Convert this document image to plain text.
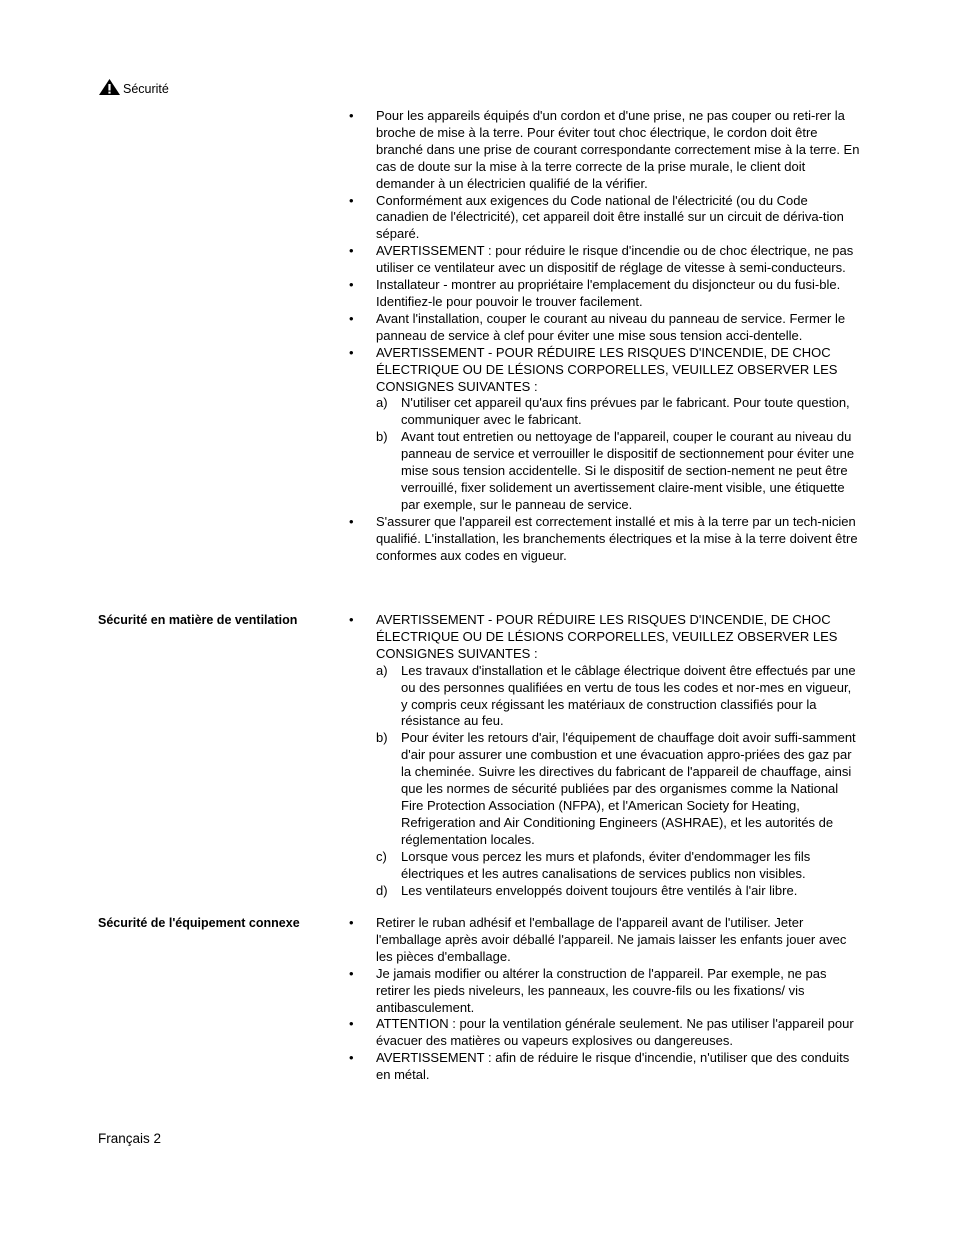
Sécurité
• Pour les appareils équipés d'un cordon et d'une prise, ne pas couper ou reti-rer la broche de mise à la terre. Pour éviter tout choc électrique, le cordon doit être branché dans une prise de courant correspondante correctement mise à la terre. En cas de doute sur la mise à la terre correcte de la prise murale, le client doit demander à un électricien qualifié de la vérifier.
• Conformément aux exigences du Code national de l'électricité (ou du Code canadien de l'électricité), cet appareil doit être installé sur un circuit de dériva-tion séparé.
• AVERTISSEMENT : pour réduire le risque d'incendie ou de choc électrique, ne pas utiliser ce ventilateur avec un dispositif de réglage de vitesse à semi-conducteurs.
• Installateur - montrer au propriétaire l'emplacement du disjoncteur ou du fusi-ble. Identifiez-le pour pouvoir le trouver facilement.
• Avant l'installation, couper le courant au niveau du panneau de service. Fermer le panneau de service à clef pour éviter une mise sous tension acci-dentelle.
• AVERTISSEMENT - POUR RÉDUIRE LES RISQUES D'INCENDIE, DE CHOC ÉLECTRIQUE OU DE LÉSIONS CORPORELLES, VEUILLEZ OBSERVER LES CONSIGNES SUIVANTES :
a) N'utiliser cet appareil qu'aux fins prévues par le fabricant. Pour toute question, communiquer avec le fabricant.
b) Avant tout entretien ou nettoyage de l'appareil, couper le courant au niveau du panneau de service et verrouiller le dispositif de sectionnement pour éviter une mise sous tension accidentelle. Si le dispositif de section-nement ne peut être verrouillé, fixer solidement un avertissement claire-ment visible, une étiquette par exemple, sur le panneau de service.
• S'assurer que l'appareil est correctement installé et mis à la terre par un tech-nicien qualifié. L'installation, les branchements électriques et la mise à la terre doivent être conformes aux codes en vigueur.
Sécurité en matière de ventilation	• AVERTISSEMENT - POUR RÉDUIRE LES RISQUES D'INCENDIE, DE CHOC ÉLECTRIQUE OU DE LÉSIONS CORPORELLES, VEUILLEZ OBSERVER LES CONSIGNES SUIVANTES :
a) Les travaux d'installation et le câblage électrique doivent être effectués par une ou des personnes qualifiées en vertu de tous les codes et nor-mes en vigueur, y compris ceux régissant les matériaux de construction classifiés pour la résistance au feu.
b) Pour éviter les retours d'air, l'équipement de chauffage doit avoir suffi-samment d'air pour assurer une combustion et une évacuation appro-priées des gaz par la cheminée. Suivre les directives du fabricant de l'appareil de chauffage, ainsi que les normes de sécurité publiées par des organismes comme la National Fire Protection Association (NFPA), et l'American Society for Heating, Refrigeration and Air Conditioning Engineers (ASHRAE), et les autorités de réglementation locales.
c) Lorsque vous percez les murs et plafonds, éviter d'endommager les fils électriques et les autres canalisations de services publics non visibles.
d) Les ventilateurs enveloppés doivent toujours être ventilés à l'air libre.
Sécurité de l'équipement connexe	• Retirer le ruban adhésif et l'emballage de l'appareil avant de l'utiliser. Jeter l'emballage après avoir déballé l'appareil. Ne jamais laisser les enfants jouer avec les pièces d'emballage.
• Je jamais modifier ou altérer la construction de l'appareil. Par exemple, ne pas retirer les pieds niveleurs, les panneaux, les couvre-fils ou les fixations/ vis antibasculement.
• ATTENTION : pour la ventilation générale seulement. Ne pas utiliser l'appareil pour évacuer des matières ou vapeurs explosives ou dangereuses.
• AVERTISSEMENT : afin de réduire le risque d'incendie, n'utiliser que des conduits en métal.
Français 2
